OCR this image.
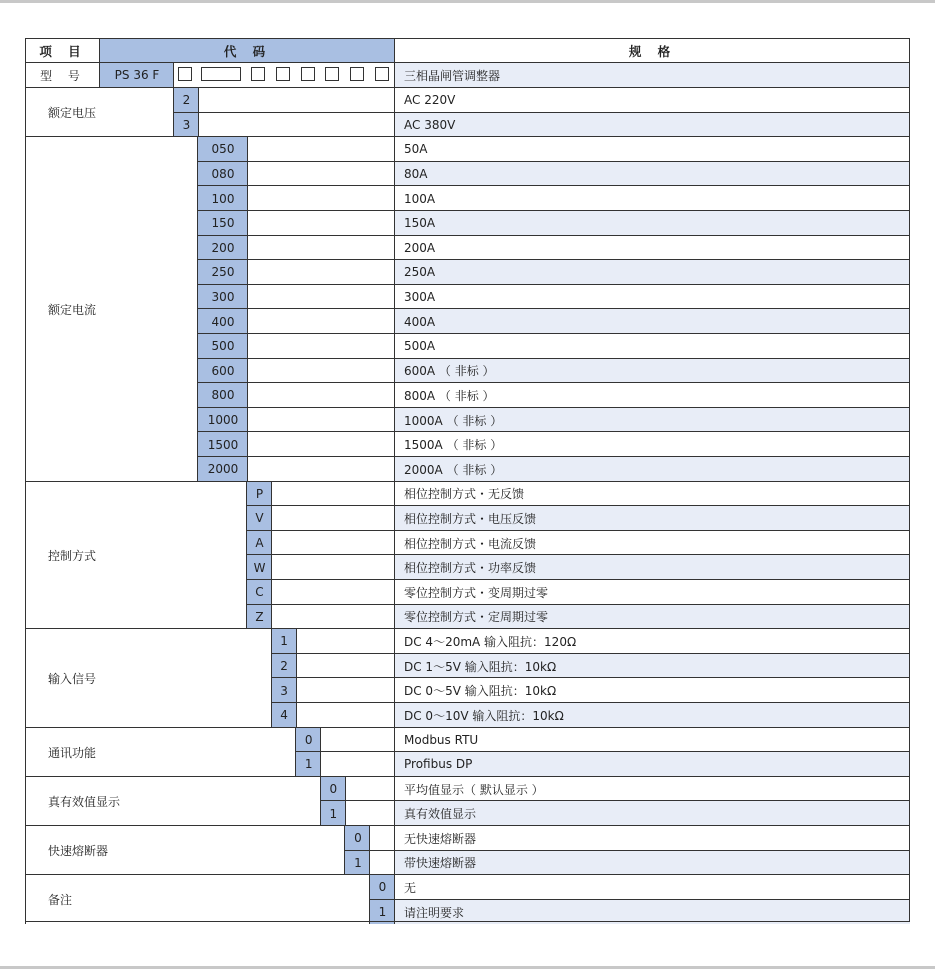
项 目	代 码	规 格
型 号	PS 36 F	三相晶闸管调整器
额定电压
2	AC 220V
3	AC 380V
额定电流
050	50A
080	80A
100	100A
150	150A
200	200A
250	250A
300	300A
400	400A
500	500A
600	600A （ 非标 ）
800	800A （ 非标 ）
1000	1000A （ 非标 ）
1500	1500A （ 非标 ）
2000	2000A （ 非标 ）
控制方式
P	相位控制方式・无反馈
V	相位控制方式・电压反馈
A	相位控制方式・电流反馈
W	相位控制方式・功率反馈
C	零位控制方式・变周期过零
Z	零位控制方式・定周期过零
输入信号
1	DC 4～20mA 输入阻抗：120Ω
2	DC 1～5V 输入阻抗：10kΩ
3	DC 0～5V 输入阻抗：10kΩ
4	DC 0～10V 输入阻抗：10kΩ
通讯功能
0	Modbus RTU
1	Profibus DP
真有效值显示
0	平均值显示（ 默认显示 ）
1	真有效值显示
快速熔断器
0	无快速熔断器
1	带快速熔断器
备注
0	无
1	请注明要求
